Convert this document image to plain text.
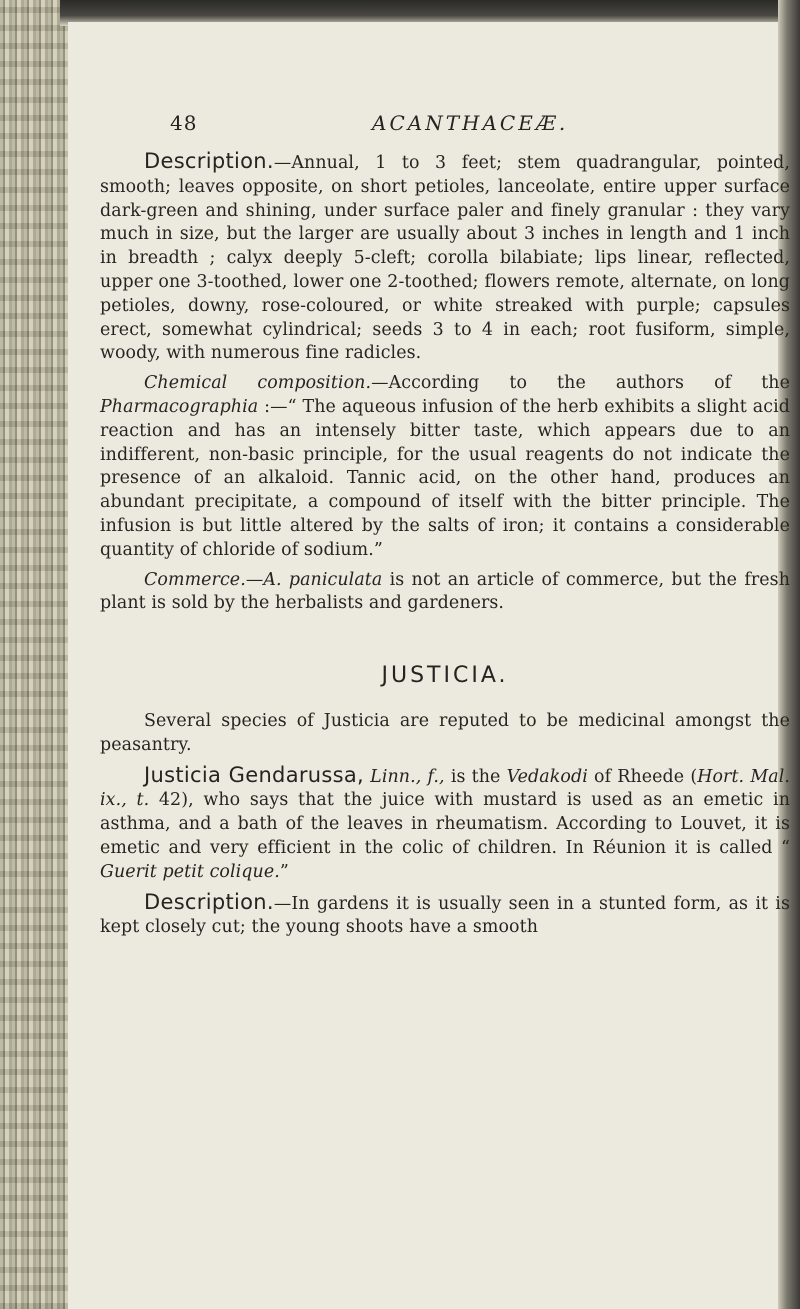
48	ACANTHACEÆ.

Description.—Annual, 1 to 3 feet; stem quadrangular, pointed, smooth; leaves opposite, on short petioles, lanceolate, entire upper surface dark-green and shining, under surface paler and finely granular : they vary much in size, but the larger are usually about 3 inches in length and 1 inch in breadth ; calyx deeply 5-cleft; corolla bilabiate; lips linear, reflected, upper one 3-toothed, lower one 2-toothed; flowers remote, alternate, on long petioles, downy, rose-coloured, or white streaked with purple; capsules erect, somewhat cylindrical; seeds 3 to 4 in each; root fusiform, simple, woody, with numerous fine radicles.

Chemical composition.—According to the authors of the Pharmacographia :—“ The aqueous infusion of the herb exhibits a slight acid reaction and has an intensely bitter taste, which appears due to an indifferent, non-basic principle, for the usual reagents do not indicate the presence of an alkaloid. Tannic acid, on the other hand, produces an abundant precipitate, a compound of itself with the bitter principle. The infusion is but little altered by the salts of iron; it contains a considerable quantity of chloride of sodium.”

Commerce.—A. paniculata is not an article of commerce, but the fresh plant is sold by the herbalists and gardeners.

JUSTICIA.

Several species of Justicia are reputed to be medicinal amongst the peasantry.

Justicia Gendarussa, Linn., f., is the Vedakodi of Rheede (Hort. Mal. ix., t. 42), who says that the juice with mustard is used as an emetic in asthma, and a bath of the leaves in rheumatism. According to Louvet, it is emetic and very efficient in the colic of children. In Réunion it is called “ Guerit petit colique.”

Description.—In gardens it is usually seen in a stunted form, as it is kept closely cut; the young shoots have a smooth
